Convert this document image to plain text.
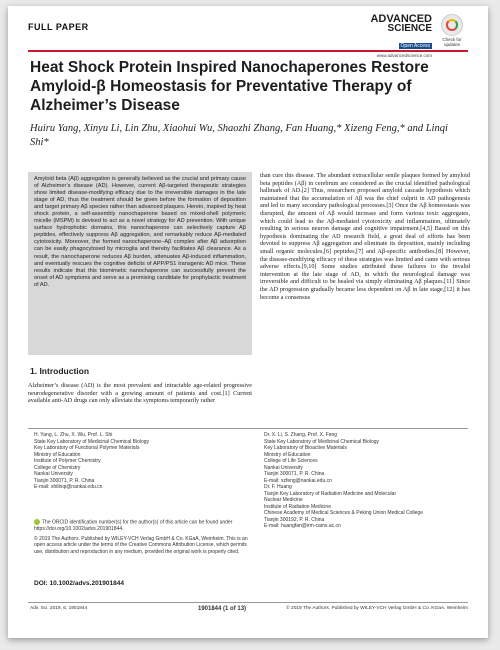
FULL PAPER
ADVANCED
SCIENCE
Open Access
www.advancedscience.com
Check for updates
Heat Shock Protein Inspired Nanochaperones Restore Amyloid-β Homeostasis for Preventative Therapy of Alzheimer’s Disease
Huiru Yang, Xinyu Li, Lin Zhu, Xiaohui Wu, Shaozhi Zhang, Fan Huang,* Xizeng Feng,* and Linqi Shi*
Amyloid beta (Aβ) aggregation is generally believed as the crucial and primary cause of Alzheimer’s disease (AD). However, current Aβ-targeted therapeutic strategies show limited disease-modifying efficacy due to the irreversible damages in the late stage of AD, thus the treatment should be given before the formation of deposition and target primary Aβ species rather than advanced plaques. Herein, inspired by heat shock protein, a self-assembly nanochaperone based on mixed-shell polymeric micelle (MSPM) is devised to act as a novel strategy for AD prevention. With unique surface hydrophobic domains, this nanochaperone can selectively capture Aβ peptides, effectively suppress Aβ aggregation, and remarkably reduce Aβ-mediated cytotoxicity. Moreover, the formed nanochaperone–Aβ complex after Aβ adsorption can be easily phagocytosed by microglia and thereby facilitates Aβ clearance. As a result, the nanochaperone reduces Aβ burden, attenuates Aβ-induced inflammation, and eventually rescues the cognitive deficits of APP/PS1 transgenic AD mice. These results indicate that this biomimetic nanochaperone can successfully prevent the onset of AD symptoms and serve as a promising candidate for prophylactic treatment of AD.
than cure this disease. The abundant extracellular senile plaques formed by amyloid beta peptides (Aβ) in cerebrum are considered as the crucial identified pathological hallmark of AD.[2] Thus, researchers proposed amyloid cascade hypothesis which maintained that the accumulation of Aβ was the chief culprit in AD pathogenesis and led to many secondary pathological processes.[3] Once the Aβ homeostasis was disrupted, the amount of Aβ would increase and form various toxic aggregates, which could lead to the Aβ-mediated cytotoxicity and inflammation, ultimately resulting in serious neuron damage and cognitive impairment.[4,5] Based on this hypothesis dominating the AD research field, a great deal of efforts has been devoted to suppress Aβ aggregation and eliminate its deposition, mainly including small organic molecules,[6] peptides,[7] and Aβ-specific antibodies.[8] However, the disease-modifying efficacy of these strategies was limited and came with serious adverse effects.[9,10] Some studies attributed these failures to the invalid intervention at the late stage of AD, in which the neurological damage was irreversible and difficult to be healed via simply eliminating Aβ plaques.[11] Since the AD progression gradually became less dependent on Aβ in late stage,[12] it has become a consensus
1. Introduction
Alzheimer’s disease (AD) is the most prevalent and intractable age-related progressive neurodegenerative disorder with a growing amount of patients and cost.[1] Current available anti-AD drugs can only alleviate the symptoms temporarily rather
H. Yang, L. Zhu, X. Wu, Prof. L. Shi
State Key Laboratory of Medicinal Chemical Biology
Key Laboratory of Functional Polymer Materials
Ministry of Education
Institute of Polymer Chemistry
College of Chemistry
Nankai University
Tianjin 300071, P. R. China
E-mail: shilinqi@nankai.edu.cn
Dr. X. Li, S. Zhang, Prof. X. Feng
State Key Laboratory of Medicinal Chemical Biology
Key Laboratory of Bioactive Materials
Ministry of Education
College of Life Sciences
Nankai University
Tianjin 300071, P. R. China
E-mail: xzfeng@nankai.edu.cn
Dr. F. Huang
Tianjin Key Laboratory of Radiation Medicine and Molecular
Nuclear Medicine
Institute of Radiation Medicine
Chinese Academy of Medical Sciences & Peking Union Medical College
Tianjin 300192, P. R. China
E-mail: huangfan@irm-cams.ac.cn
The ORCID identification number(s) for the author(s) of this article can be found under https://doi.org/10.1002/advs.201901844.
© 2019 The Authors. Published by WILEY-VCH Verlag GmbH & Co. KGaA, Weinheim. This is an open access article under the terms of the Creative Commons Attribution License, which permits use, distribution and reproduction in any medium, provided the original work is properly cited.
DOI: 10.1002/advs.201901844
Adv. Sci. 2019, 6, 1901844	1901844 (1 of 13)	© 2019 The Authors. Published by WILEY-VCH Verlag GmbH & Co. KGaA, Weinheim
